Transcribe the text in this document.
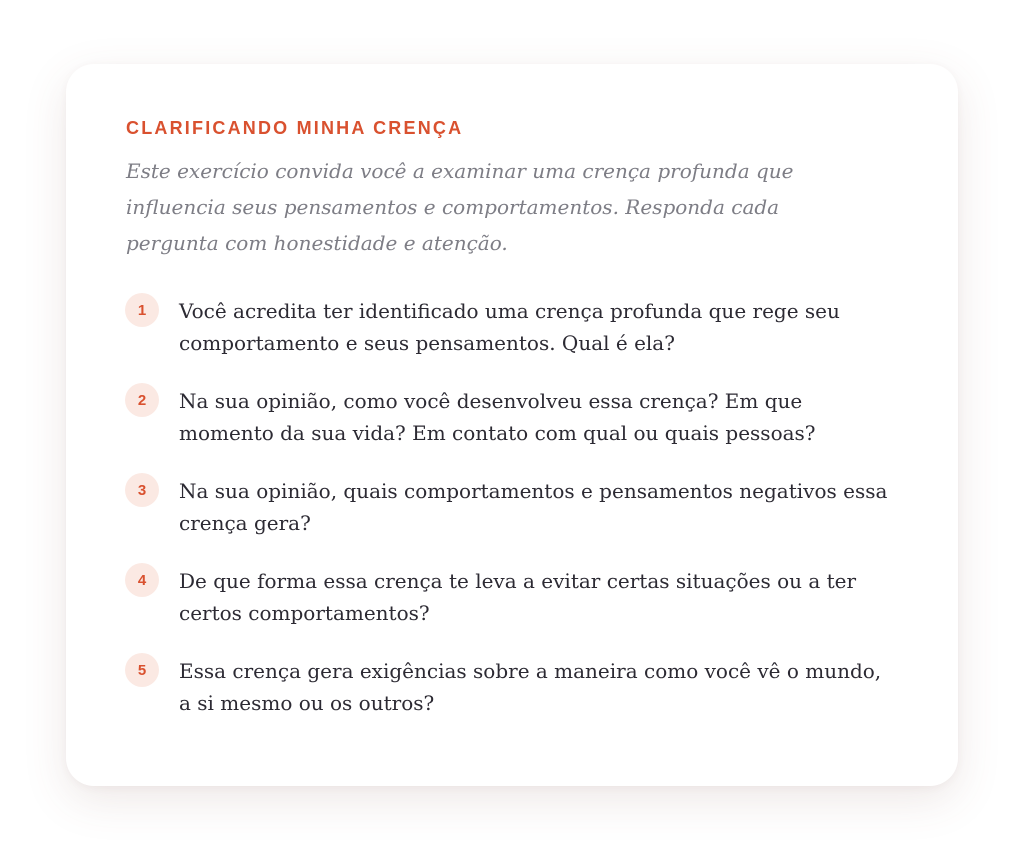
CLARIFICANDO MINHA CRENÇA

Este exercício convida você a examinar uma crença profunda que influencia seus pensamentos e comportamentos. Responda cada pergunta com honestidade e atenção.

1	Você acredita ter identificado uma crença profunda que rege seu comportamento e seus pensamentos. Qual é ela?
2	Na sua opinião, como você desenvolveu essa crença? Em que momento da sua vida? Em contato com qual ou quais pessoas?
3	Na sua opinião, quais comportamentos e pensamentos negativos essa crença gera?
4	De que forma essa crença te leva a evitar certas situações ou a ter certos comportamentos?
5	Essa crença gera exigências sobre a maneira como você vê o mundo, a si mesmo ou os outros?
